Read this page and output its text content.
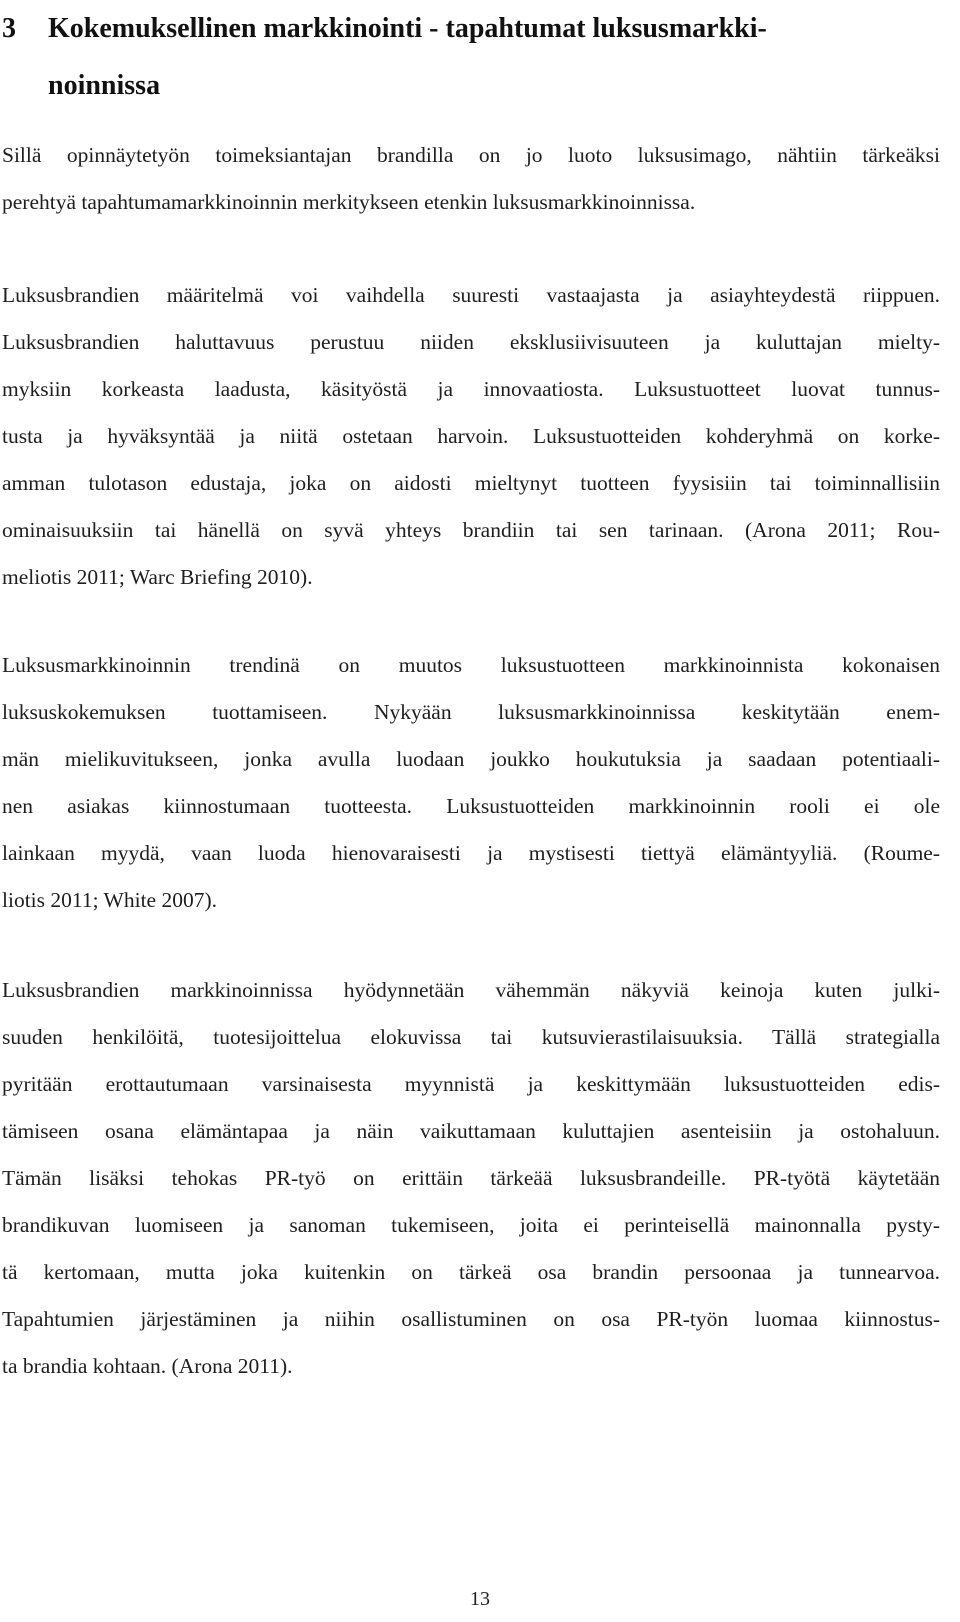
3 Kokemuksellinen markkinointi - tapahtumat luksusmarkki-
noinnissa

Sillä opinnäytetyön toimeksiantajan brandilla on jo luoto luksusimago, nähtiin tärkeäksi
perehtyä tapahtumamarkkinoinnin merkitykseen etenkin luksusmarkkinoinnissa.

Luksusbrandien määritelmä voi vaihdella suuresti vastaajasta ja asiayhteydestä riippuen.
Luksusbrandien haluttavuus perustuu niiden eksklusiivisuuteen ja kuluttajan mielty-
myksiin korkeasta laadusta, käsityöstä ja innovaatiosta. Luksustuotteet luovat tunnus-
tusta ja hyväksyntää ja niitä ostetaan harvoin. Luksustuotteiden kohderyhmä on korke-
amman tulotason edustaja, joka on aidosti mieltynyt tuotteen fyysisiin tai toiminnallisiin
ominaisuuksiin tai hänellä on syvä yhteys brandiin tai sen tarinaan. (Arona 2011; Rou-
meliotis 2011; Warc Briefing 2010).

Luksusmarkkinoinnin trendinä on muutos luksustuotteen markkinoinnista kokonaisen
luksuskokemuksen tuottamiseen. Nykyään luksusmarkkinoinnissa keskitytään enem-
män mielikuvitukseen, jonka avulla luodaan joukko houkutuksia ja saadaan potentiaali-
nen asiakas kiinnostumaan tuotteesta. Luksustuotteiden markkinoinnin rooli ei ole
lainkaan myydä, vaan luoda hienovaraisesti ja mystisesti tiettyä elämäntyyliä. (Roume-
liotis 2011; White 2007).

Luksusbrandien markkinoinnissa hyödynnetään vähemmän näkyviä keinoja kuten julki-
suuden henkilöitä, tuotesijoittelua elokuvissa tai kutsuvierastilaisuuksia. Tällä strategialla
pyritään erottautumaan varsinaisesta myynnistä ja keskittymään luksustuotteiden edis-
tämiseen osana elämäntapaa ja näin vaikuttamaan kuluttajien asenteisiin ja ostohaluun.
Tämän lisäksi tehokas PR-työ on erittäin tärkeää luksusbrandeille. PR-työtä käytetään
brandikuvan luomiseen ja sanoman tukemiseen, joita ei perinteisellä mainonnalla pysty-
tä kertomaan, mutta joka kuitenkin on tärkeä osa brandin persoonaa ja tunnearvoa.
Tapahtumien järjestäminen ja niihin osallistuminen on osa PR-työn luomaa kiinnostus-
ta brandia kohtaan. (Arona 2011).

13
